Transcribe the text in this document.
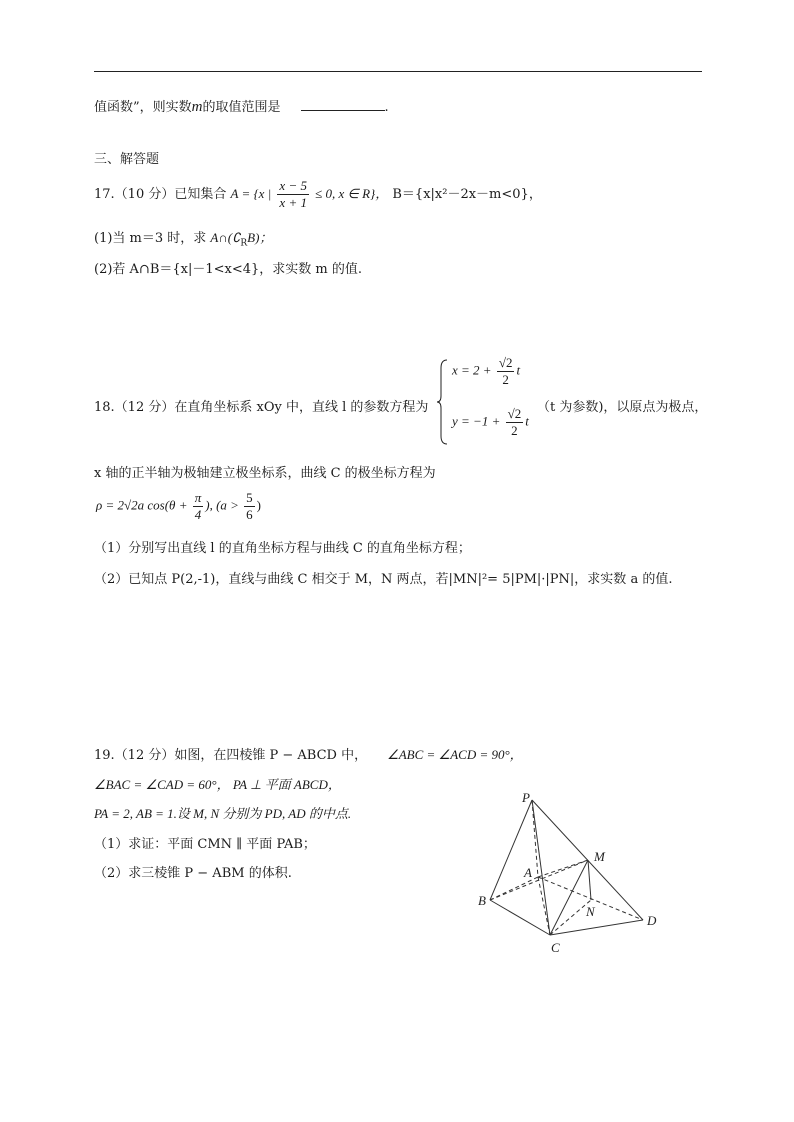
值函数”，则实数m的取值范围是	.
三、解答题
17.（10 分）已知集合 A = {x | $\frac{x - 5}{x + 1} \le 0$, x ∈ R}， B＝{x|x²－2x－m<0}，
(1)当 m＝3 时，求 $A\cap(∁_RB)$；
(2)若 A∩B＝{x|－1<x<4}，求实数 m 的值.
18.（12 分）在直角坐标系 xOy 中，直线 l 的参数方程为
$x = 2 + \frac{√2}{2}$ t
$y = -1 + \frac{√2}{2}$ t
（t 为参数)，以原点为极点，
x 轴的正半轴为极轴建立极坐标系，曲线 C 的极坐标方程为
ρ = 2√2a $\cos(\theta + \frac{\pi}{4}$ ), ($a > \frac{5}{6}$ )
（1）分别写出直线 l 的直角坐标方程与曲线 C 的直角坐标方程；
（2）已知点 P(2,-1)，直线与曲线 C 相交于 M，N 两点，若|MN|²= 5|PM|·|PN|，求实数 a 的值.
19.（12 分）如图，在四棱锥 P − ABCD 中， ∠ABC = ∠ACD = 90°，
∠BAC = ∠CAD = 60°， PA ⊥ 平面 ABCD，
PA = 2, AB = 1.设 M, N 分别为 PD, AD 的中点.
（1）求证：平面 CMN ∥ 平面 PAB；
（2）求三棱锥 P − ABM 的体积.
P
M
A
N
B
D
C
